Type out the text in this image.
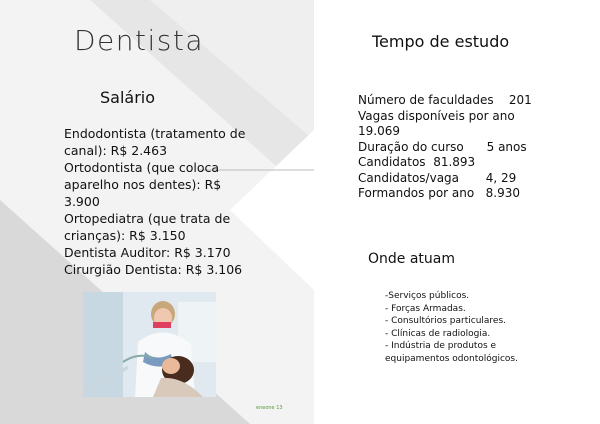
Dentista
Salário
Endodontista (tratamento de canal): R$ 2.463
Ortodontista (que coloca aparelho nos dentes): R$ 3.900
Ortopediatra (que trata de crianças): R$ 3.150
Dentista Auditor: R$ 3.170
Cirurgião Dentista: R$ 3.106
eneone 13
Tempo de estudo
Número de faculdades    201
Vagas disponíveis por ano
19.069
Duração do curso      5 anos
Candidatos  81.893
Candidatos/vaga       4, 29
Formandos por ano   8.930
Onde atuam
-Serviços públicos.
- Forças Armadas.
- Consultórios particulares.
- Clínicas de radiologia.
- Indústria de produtos e equipamentos odontológicos.
